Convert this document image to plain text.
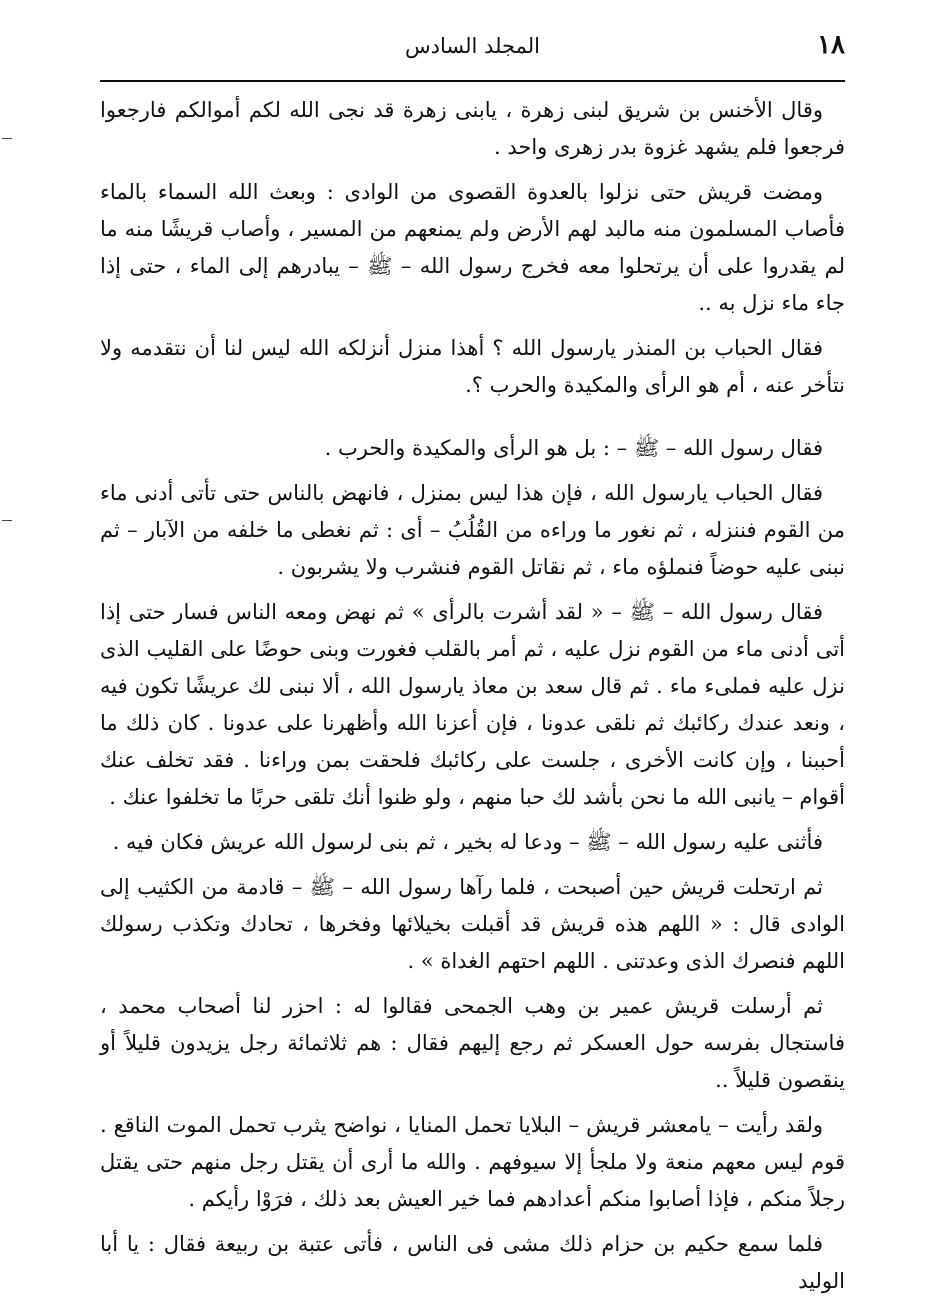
١٨
المجلد السادس

وقال الأخنس بن شريق لبنى زهرة ، يابنى زهرة قد نجى الله لكم أموالكم فارجعوا فرجعوا فلم يشهد غزوة بدر زهرى واحد .

ومضت قريش حتى نزلوا بالعدوة القصوى من الوادى : وبعث الله السماء بالماء فأصاب المسلمون منه مالبد لهم الأرض ولم يمنعهم من المسير ، وأصاب قريشًا منه ما لم يقدروا على أن يرتحلوا معه فخرج رسول الله – ﷺ – يبادرهم إلى الماء ، حتى إذا جاء ماء نزل به ..

فقال الحباب بن المنذر يارسول الله ؟ أهذا منزل أنزلكه الله ليس لنا أن نتقدمه ولا نتأخر عنه ، أم هو الرأى والمكيدة والحرب ؟.

فقال رسول الله – ﷺ – : بل هو الرأى والمكيدة والحرب .

فقال الحباب يارسول الله ، فإن هذا ليس بمنزل ، فانهض بالناس حتى تأتى أدنى ماء من القوم فننزله ، ثم نغور ما وراءه من القُلُبُ – أى : ثم نغطى ما خلفه من الآبار – ثم نبنى عليه حوضاً فنملؤه ماء ، ثم نقاتل القوم فنشرب ولا يشربون .

فقال رسول الله – ﷺ – « لقد أشرت بالرأى » ثم نهض ومعه الناس فسار حتى إذا أتى أدنى ماء من القوم نزل عليه ، ثم أمر بالقلب فغورت وبنى حوضًا على القليب الذى نزل عليه فملىء ماء . ثم قال سعد بن معاذ يارسول الله ، ألا نبنى لك عريشًا تكون فيه ، ونعد عندك ركائبك ثم نلقى عدونا ، فإن أعزنا الله وأظهرنا على عدونا . كان ذلك ما أحببنا ، وإن كانت الأخرى ، جلست على ركائبك فلحقت بمن وراءنا . فقد تخلف عنك أقوام – يانبى الله ما نحن بأشد لك حبا منهم ، ولو ظنوا أنك تلقى حربًا ما تخلفوا عنك .

فأثنى عليه رسول الله – ﷺ – ودعا له بخير ، ثم بنى لرسول الله عريش فكان فيه .

ثم ارتحلت قريش حين أصبحت ، فلما رآها رسول الله – ﷺ – قادمة من الكثيب إلى الوادى قال : « اللهم هذه قريش قد أقبلت بخيلائها وفخرها ، تحادك وتكذب رسولك اللهم فنصرك الذى وعدتنى . اللهم احتهم الغداة » .

ثم أرسلت قريش عمير بن وهب الجمحى فقالوا له : احزر لنا أصحاب محمد ، فاستجال بفرسه حول العسكر ثم رجع إليهم فقال : هم ثلاثمائة رجل يزيدون قليلاً أو ينقصون قليلاً ..

ولقد رأيت – يامعشر قريش – البلايا تحمل المنايا ، نواضح يثرب تحمل الموت الناقع . قوم ليس معهم منعة ولا ملجأ إلا سيوفهم . والله ما أرى أن يقتل رجل منهم حتى يقتل رجلاً منكم ، فإذا أصابوا منكم أعدادهم فما خير العيش بعد ذلك ، فرَوْا رأيكم .

فلما سمع حكيم بن حزام ذلك مشى فى الناس ، فأتى عتبة بن ربيعة فقال : يا أبا الوليد
